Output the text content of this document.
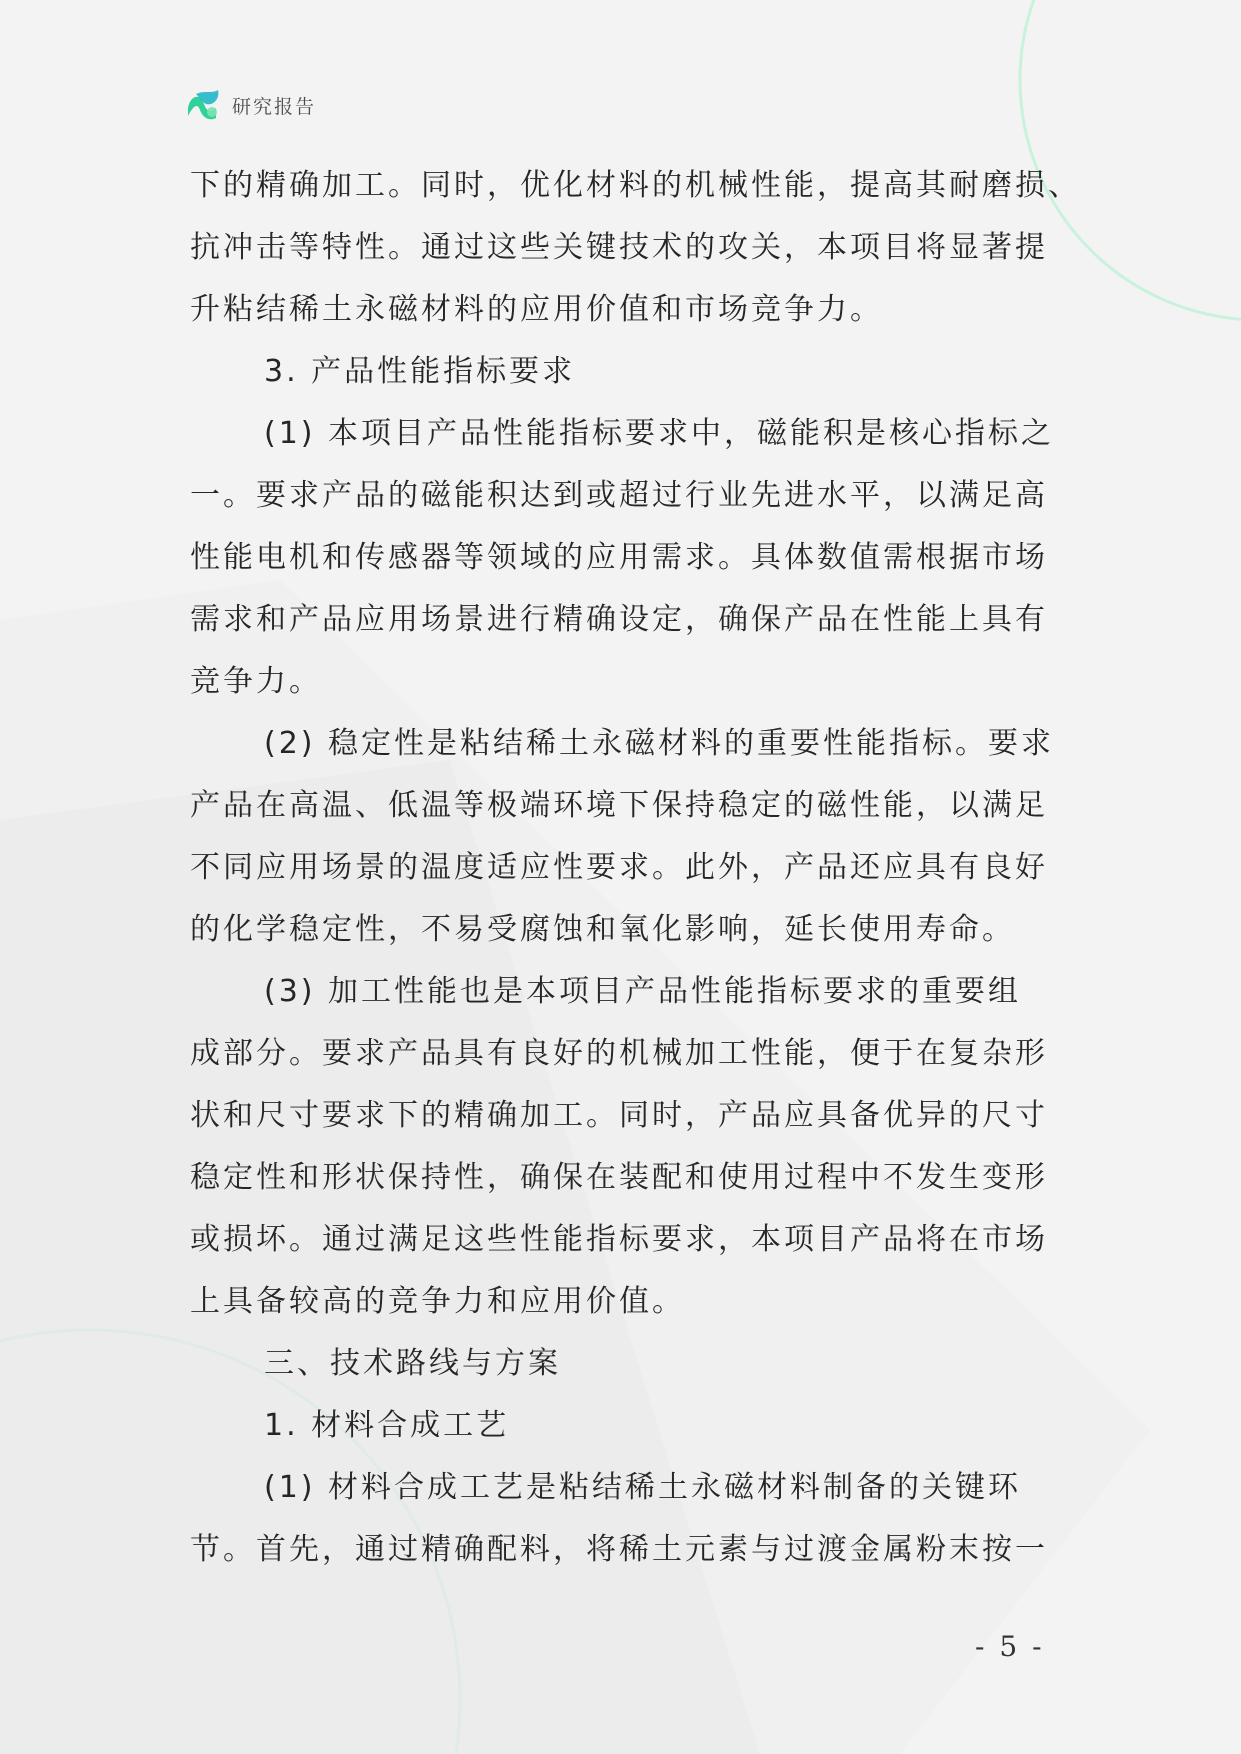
研究报告
下的精确加工。同时，优化材料的机械性能，提高其耐磨损、
抗冲击等特性。通过这些关键技术的攻关，本项目将显著提
升粘结稀土永磁材料的应用价值和市场竞争力。
3. 产品性能指标要求
(1) 本项目产品性能指标要求中，磁能积是核心指标之
一。要求产品的磁能积达到或超过行业先进水平，以满足高
性能电机和传感器等领域的应用需求。具体数值需根据市场
需求和产品应用场景进行精确设定，确保产品在性能上具有
竞争力。
(2) 稳定性是粘结稀土永磁材料的重要性能指标。要求
产品在高温、低温等极端环境下保持稳定的磁性能，以满足
不同应用场景的温度适应性要求。此外，产品还应具有良好
的化学稳定性，不易受腐蚀和氧化影响，延长使用寿命。
(3) 加工性能也是本项目产品性能指标要求的重要组
成部分。要求产品具有良好的机械加工性能，便于在复杂形
状和尺寸要求下的精确加工。同时，产品应具备优异的尺寸
稳定性和形状保持性，确保在装配和使用过程中不发生变形
或损坏。通过满足这些性能指标要求，本项目产品将在市场
上具备较高的竞争力和应用价值。
三、技术路线与方案
1. 材料合成工艺
(1) 材料合成工艺是粘结稀土永磁材料制备的关键环
节。首先，通过精确配料，将稀土元素与过渡金属粉末按一
- 5 -
